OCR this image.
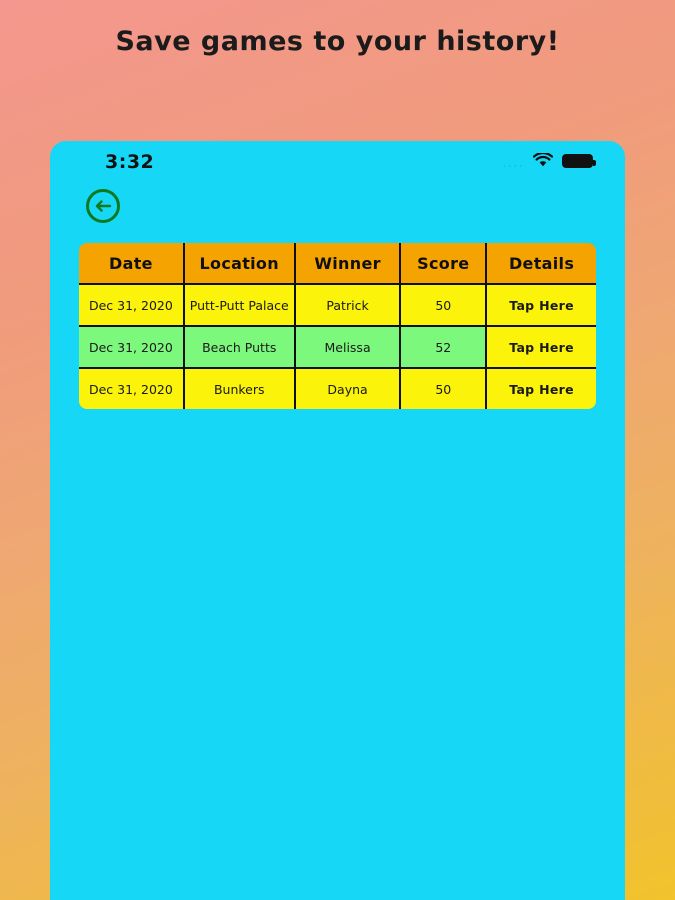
Save games to your history!
3:32	....
Date	Location	Winner	Score	Details
Dec 31, 2020	Putt-Putt Palace	Patrick	50	Tap Here
Dec 31, 2020	Beach Putts	Melissa	52	Tap Here
Dec 31, 2020	Bunkers	Dayna	50	Tap Here
